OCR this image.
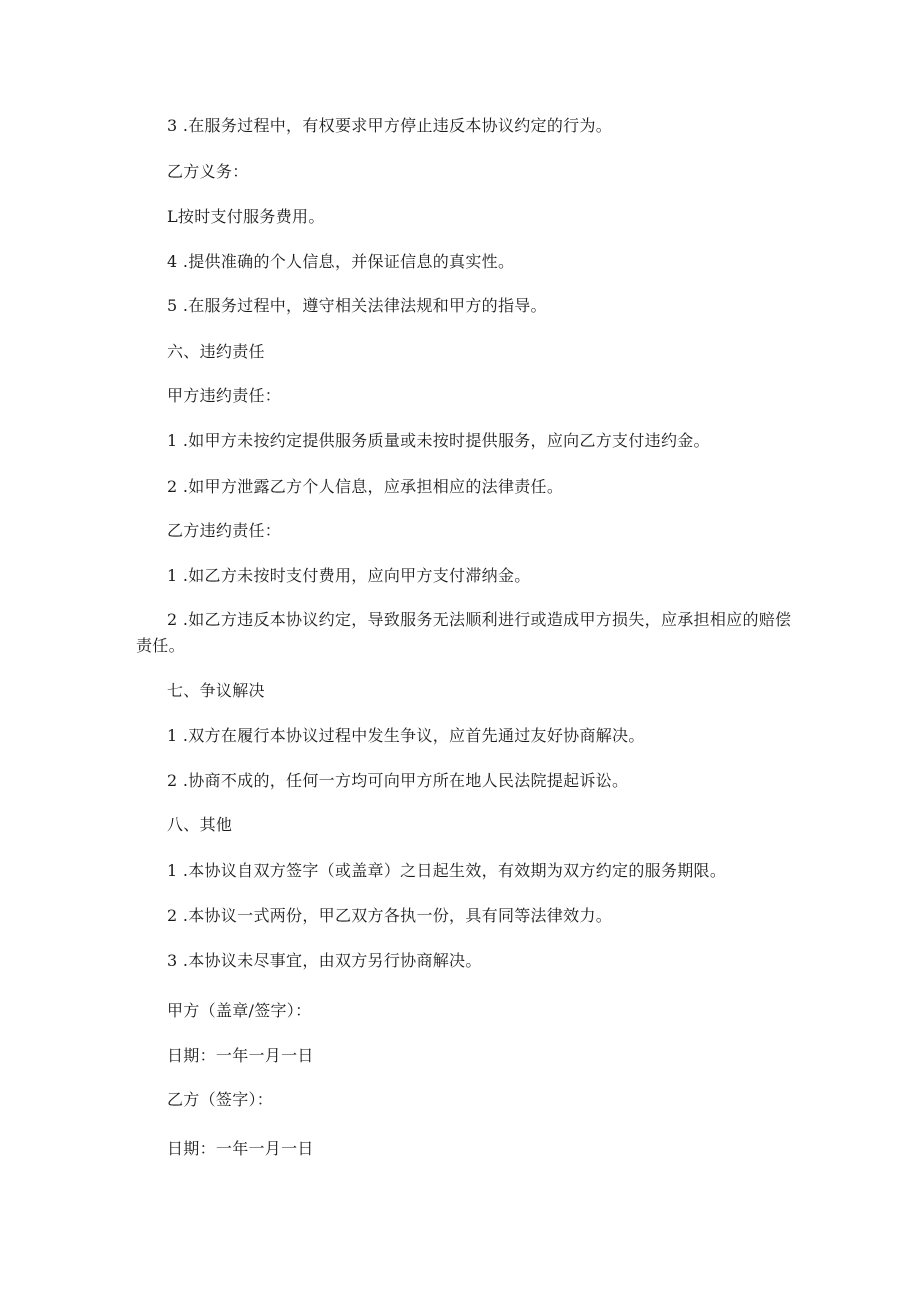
3 .在服务过程中，有权要求甲方停止违反本协议约定的行为。
乙方义务：
L按时支付服务费用。
4 .提供准确的个人信息，并保证信息的真实性。
5 .在服务过程中，遵守相关法律法规和甲方的指导。
六、违约责任
甲方违约责任：
1 .如甲方未按约定提供服务质量或未按时提供服务，应向乙方支付违约金。
2 .如甲方泄露乙方个人信息，应承担相应的法律责任。
乙方违约责任：
1 .如乙方未按时支付费用，应向甲方支付滞纳金。
2 .如乙方违反本协议约定，导致服务无法顺利进行或造成甲方损失，应承担相应的赔偿责任。
七、争议解决
1 .双方在履行本协议过程中发生争议，应首先通过友好协商解决。
2 .协商不成的，任何一方均可向甲方所在地人民法院提起诉讼。
八、其他
1 .本协议自双方签字（或盖章）之日起生效，有效期为双方约定的服务期限。
2 .本协议一式两份，甲乙双方各执一份，具有同等法律效力。
3 .本协议未尽事宜，由双方另行协商解决。
甲方（盖章/签字）：
日期：一年一月一日
乙方（签字）：
日期：一年一月一日
